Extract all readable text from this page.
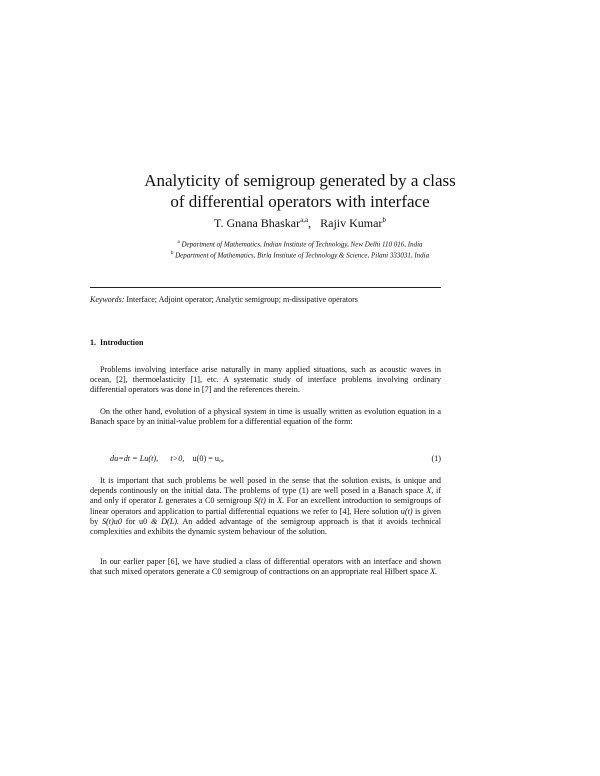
Analyticity of semigroup generated by a class
of differential operators with interface
T. Gnana Bhaskar$^{a,a}$, Rajiv Kumar$^b$
$^a$ Department of Mathematics, Indian Institute of Technology, New Delhi 110 016, India
$^b$ Department of Mathematics, Birla Institute of Technology & Science, Pilani 333031, India
Keywords: Interface; Adjoint operator; Analytic semigroup; m-dissipative operators
1. Introduction
Problems involving interface arise naturally in many applied situations, such as acoustic waves in ocean, [2], thermoelasticity [1], etc. A systematic study of interface problems involving ordinary differential operators was done in [7] and the references therein.
On the other hand, evolution of a physical system in time is usually written as evolution equation in a Banach space by an initial-value problem for a differential equation of the form:
du=dt = Lu(t), t>0, u(0) = u₀,	(1)
It is important that such problems be well posed in the sense that the solution exists, is unique and depends continously on the initial data. The problems of type (1) are well posed in a Banach space X, if and only if operator L generates a C0 semigroup S(t) in X. For an excellent introduction to semigroups of linear operators and application to partial differential equations we refer to [4], Here solution u(t) is given by S(t)u0 for u0 & D(L). An added advantage of the semigroup approach is that it avoids technical complexities and exhibits the dynamic system behaviour of the solution.
In our earlier paper [6], we have studied a class of differential operators with an interface and shown that such mixed operators generate a C0 semigroup of contractions on an appropriate real Hilbert space X.
